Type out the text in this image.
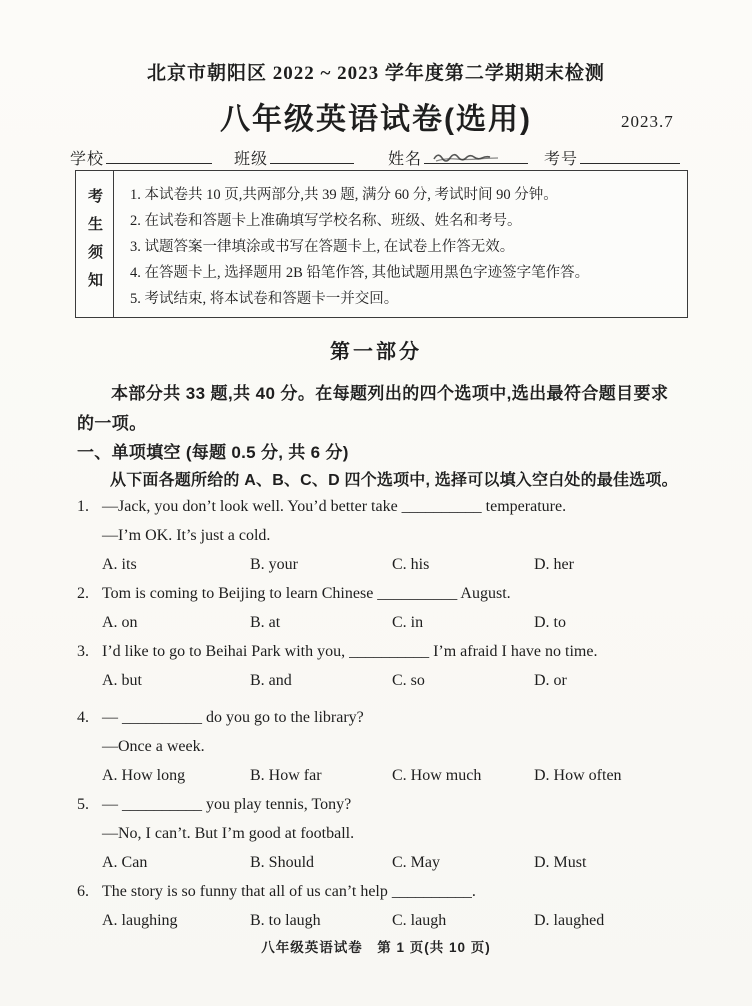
北京市朝阳区 2022 ~ 2023 学年度第二学期期末检测
八年级英语试卷(选用)	2023.7
学校	班级	姓名	考号
考生须知 1. 本试卷共 10 页,共两部分,共 39 题, 满分 60 分, 考试时间 90 分钟。
2. 在试卷和答题卡上准确填写学校名称、班级、姓名和考号。
3. 试题答案一律填涂或书写在答题卡上, 在试卷上作答无效。
4. 在答题卡上, 选择题用 2B 铅笔作答, 其他试题用黑色字迹签字笔作答。
5. 考试结束, 将本试卷和答题卡一并交回。
第一部分
本部分共 33 题,共 40 分。在每题列出的四个选项中,选出最符合题目要求
的一项。
一、单项填空 (每题 0.5 分, 共 6 分)
从下面各题所给的 A、B、C、D 四个选项中, 选择可以填入空白处的最佳选项。
1. —Jack, you don’t look well. You’d better take __________ temperature.
—I’m OK. It’s just a cold.
A. its	B. your	C. his	D. her
2. Tom is coming to Beijing to learn Chinese __________ August.
A. on	B. at	C. in	D. to
3. I’d like to go to Beihai Park with you, __________ I’m afraid I have no time.
A. but	B. and	C. so	D. or
4. — __________ do you go to the library?
—Once a week.
A. How long	B. How far	C. How much	D. How often
5. — __________ you play tennis, Tony?
—No, I can’t. But I’m good at football.
A. Can	B. Should	C. May	D. Must
6. The story is so funny that all of us can’t help __________.
A. laughing	B. to laugh	C. laugh	D. laughed
八年级英语试卷　第 1 页(共 10 页)
